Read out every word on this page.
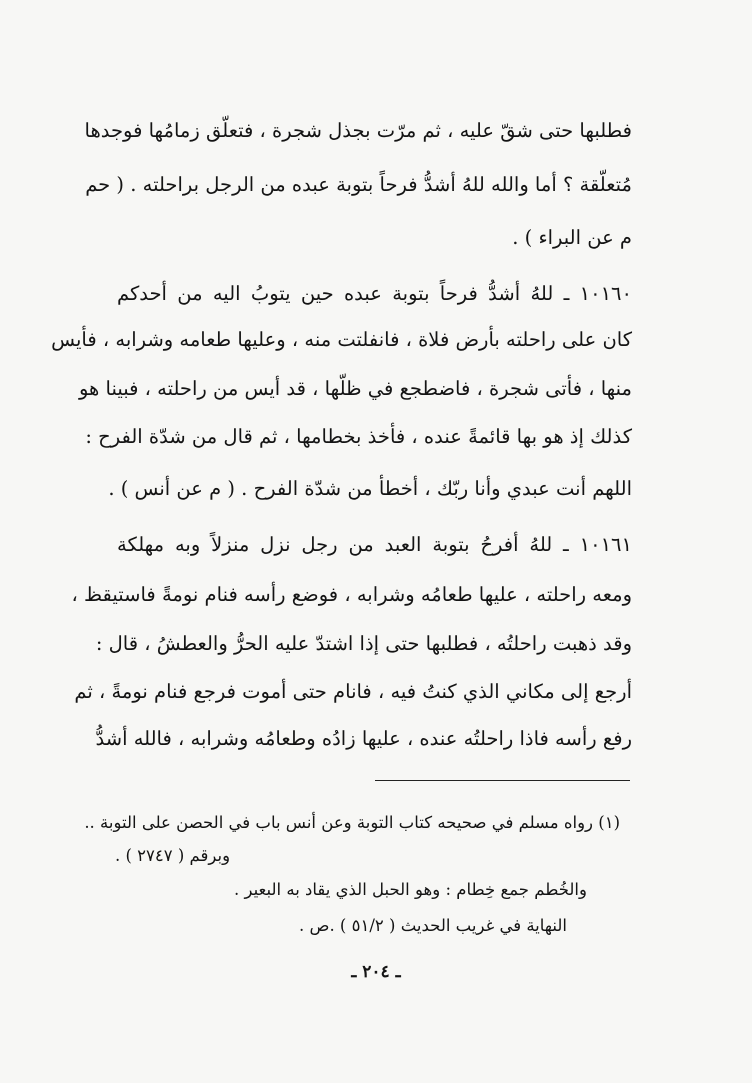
فطلبها حتى شقّ عليه ، ثم مرّت بجذل شجرة ، فتعلّق زمامُها فوجدها
مُتعلّقة ؟ أما والله للهُ أشدُّ فرحاً بتوبة عبده من الرجل براحلته . ( حم
م عن البراء ) .
١٠١٦٠ ـ للهُ أشدُّ فرحاً بتوبة عبده حين يتوبُ اليه من أحدكم
كان على راحلته بأرض فلاة ، فانفلتت منه ، وعليها طعامه وشرابه ، فأيس
منها ، فأتى شجرة ، فاضطجع في ظلّها ، قد أيس من راحلته ، فبينا هو
كذلك إذ هو بها قائمةً عنده ، فأخذ بخطامها ، ثم قال من شدّة الفرح :
اللهم أنت عبدي وأنا ربّك ، أخطأ من شدّة الفرح . ( م عن أنس ) .
١٠١٦١ ـ للهُ أفرحُ بتوبة العبد من رجل نزل منزلاً وبه مهلكة
ومعه راحلته ، عليها طعامُه وشرابه ، فوضع رأسه فنام نومةً فاستيقظ ،
وقد ذهبت راحلتُه ، فطلبها حتى إذا اشتدّ عليه الحرُّ والعطشُ ، قال :
أرجع إلى مكاني الذي كنتُ فيه ، فانام حتى أموت فرجع فنام نومةً ، ثم
رفع رأسه فاذا راحلتُه عنده ، عليها زادُه وطعامُه وشرابه ، فالله أشدُّ
(١) رواه مسلم في صحيحه كتاب التوبة وعن أنس باب في الحصن على التوبة ..
وبرقم ( ٢٧٤٧ ) .
والخُطم جمع خِطام : وهو الحبل الذي يقاد به البعير .
النهاية في غريب الحديث ( ٥١/٢ ) .ص .
ـ ٢٠٤ ـ
